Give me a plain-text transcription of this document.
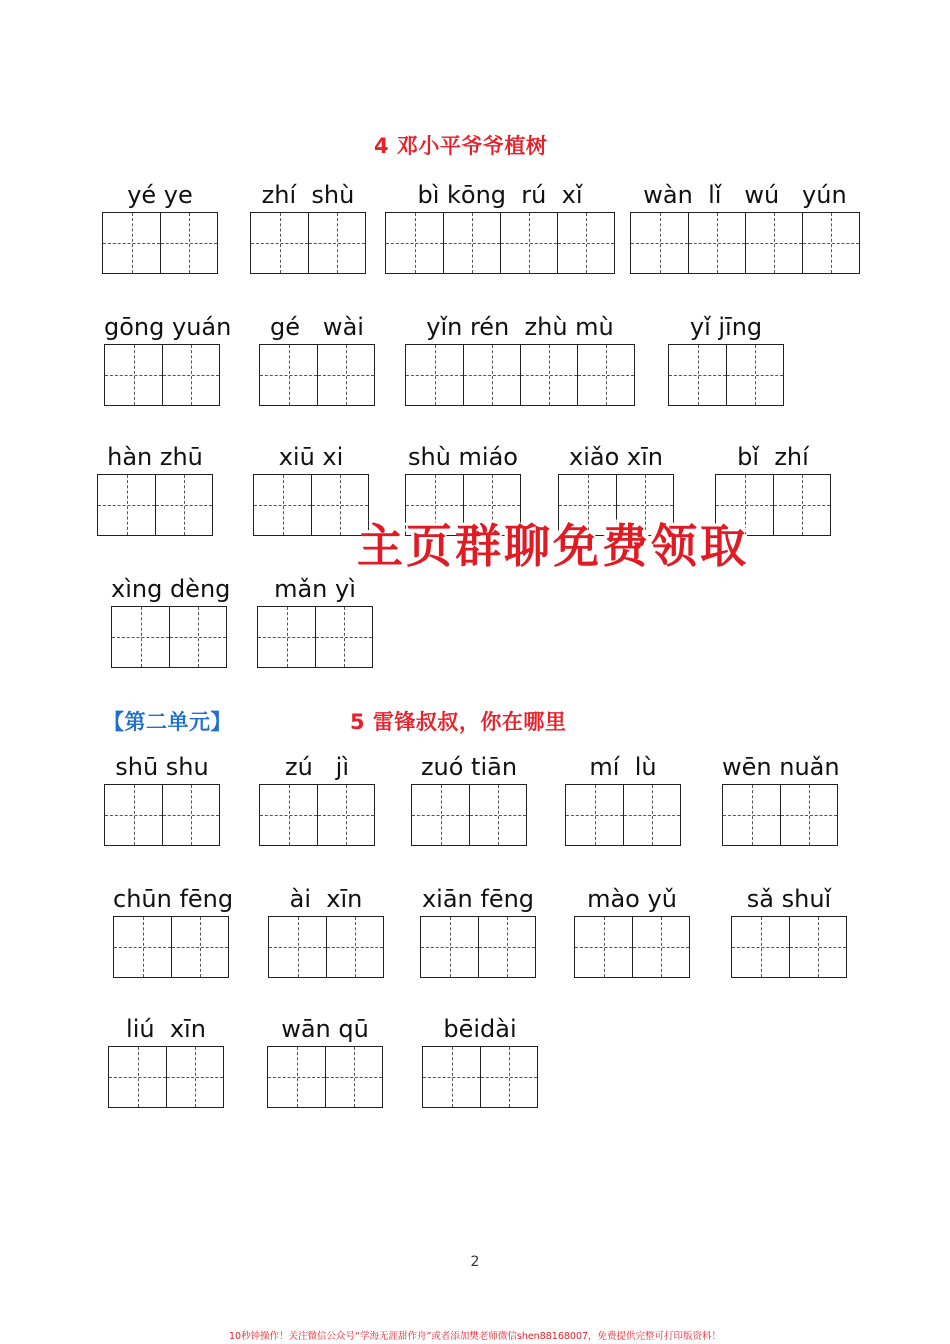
4 邓小平爷爷植树
yé ye	zhí  shù	bì kōng  rú  xǐ	wàn  lǐ   wú   yún
gōng yuán	gé   wài	yǐn rén  zhù mù	yǐ jīng
hàn zhū	xiū xi	shù miáo	xiǎo xīn	bǐ  zhí
xìng dèng	mǎn yì
主页群聊免费领取
【第二单元】	5 雷锋叔叔，你在哪里
shū shu	zú   jì	zuó tiān	mí  lù	wēn nuǎn
chūn fēng	ài  xīn	xiān fēng	mào yǔ	sǎ shuǐ
liú  xīn	wān qū	bēidài
2
10秒钟操作！关注微信公众号“学海无涯甜作舟”或者添加樊老师微信shen88168007，免费提供完整可打印版资料！
